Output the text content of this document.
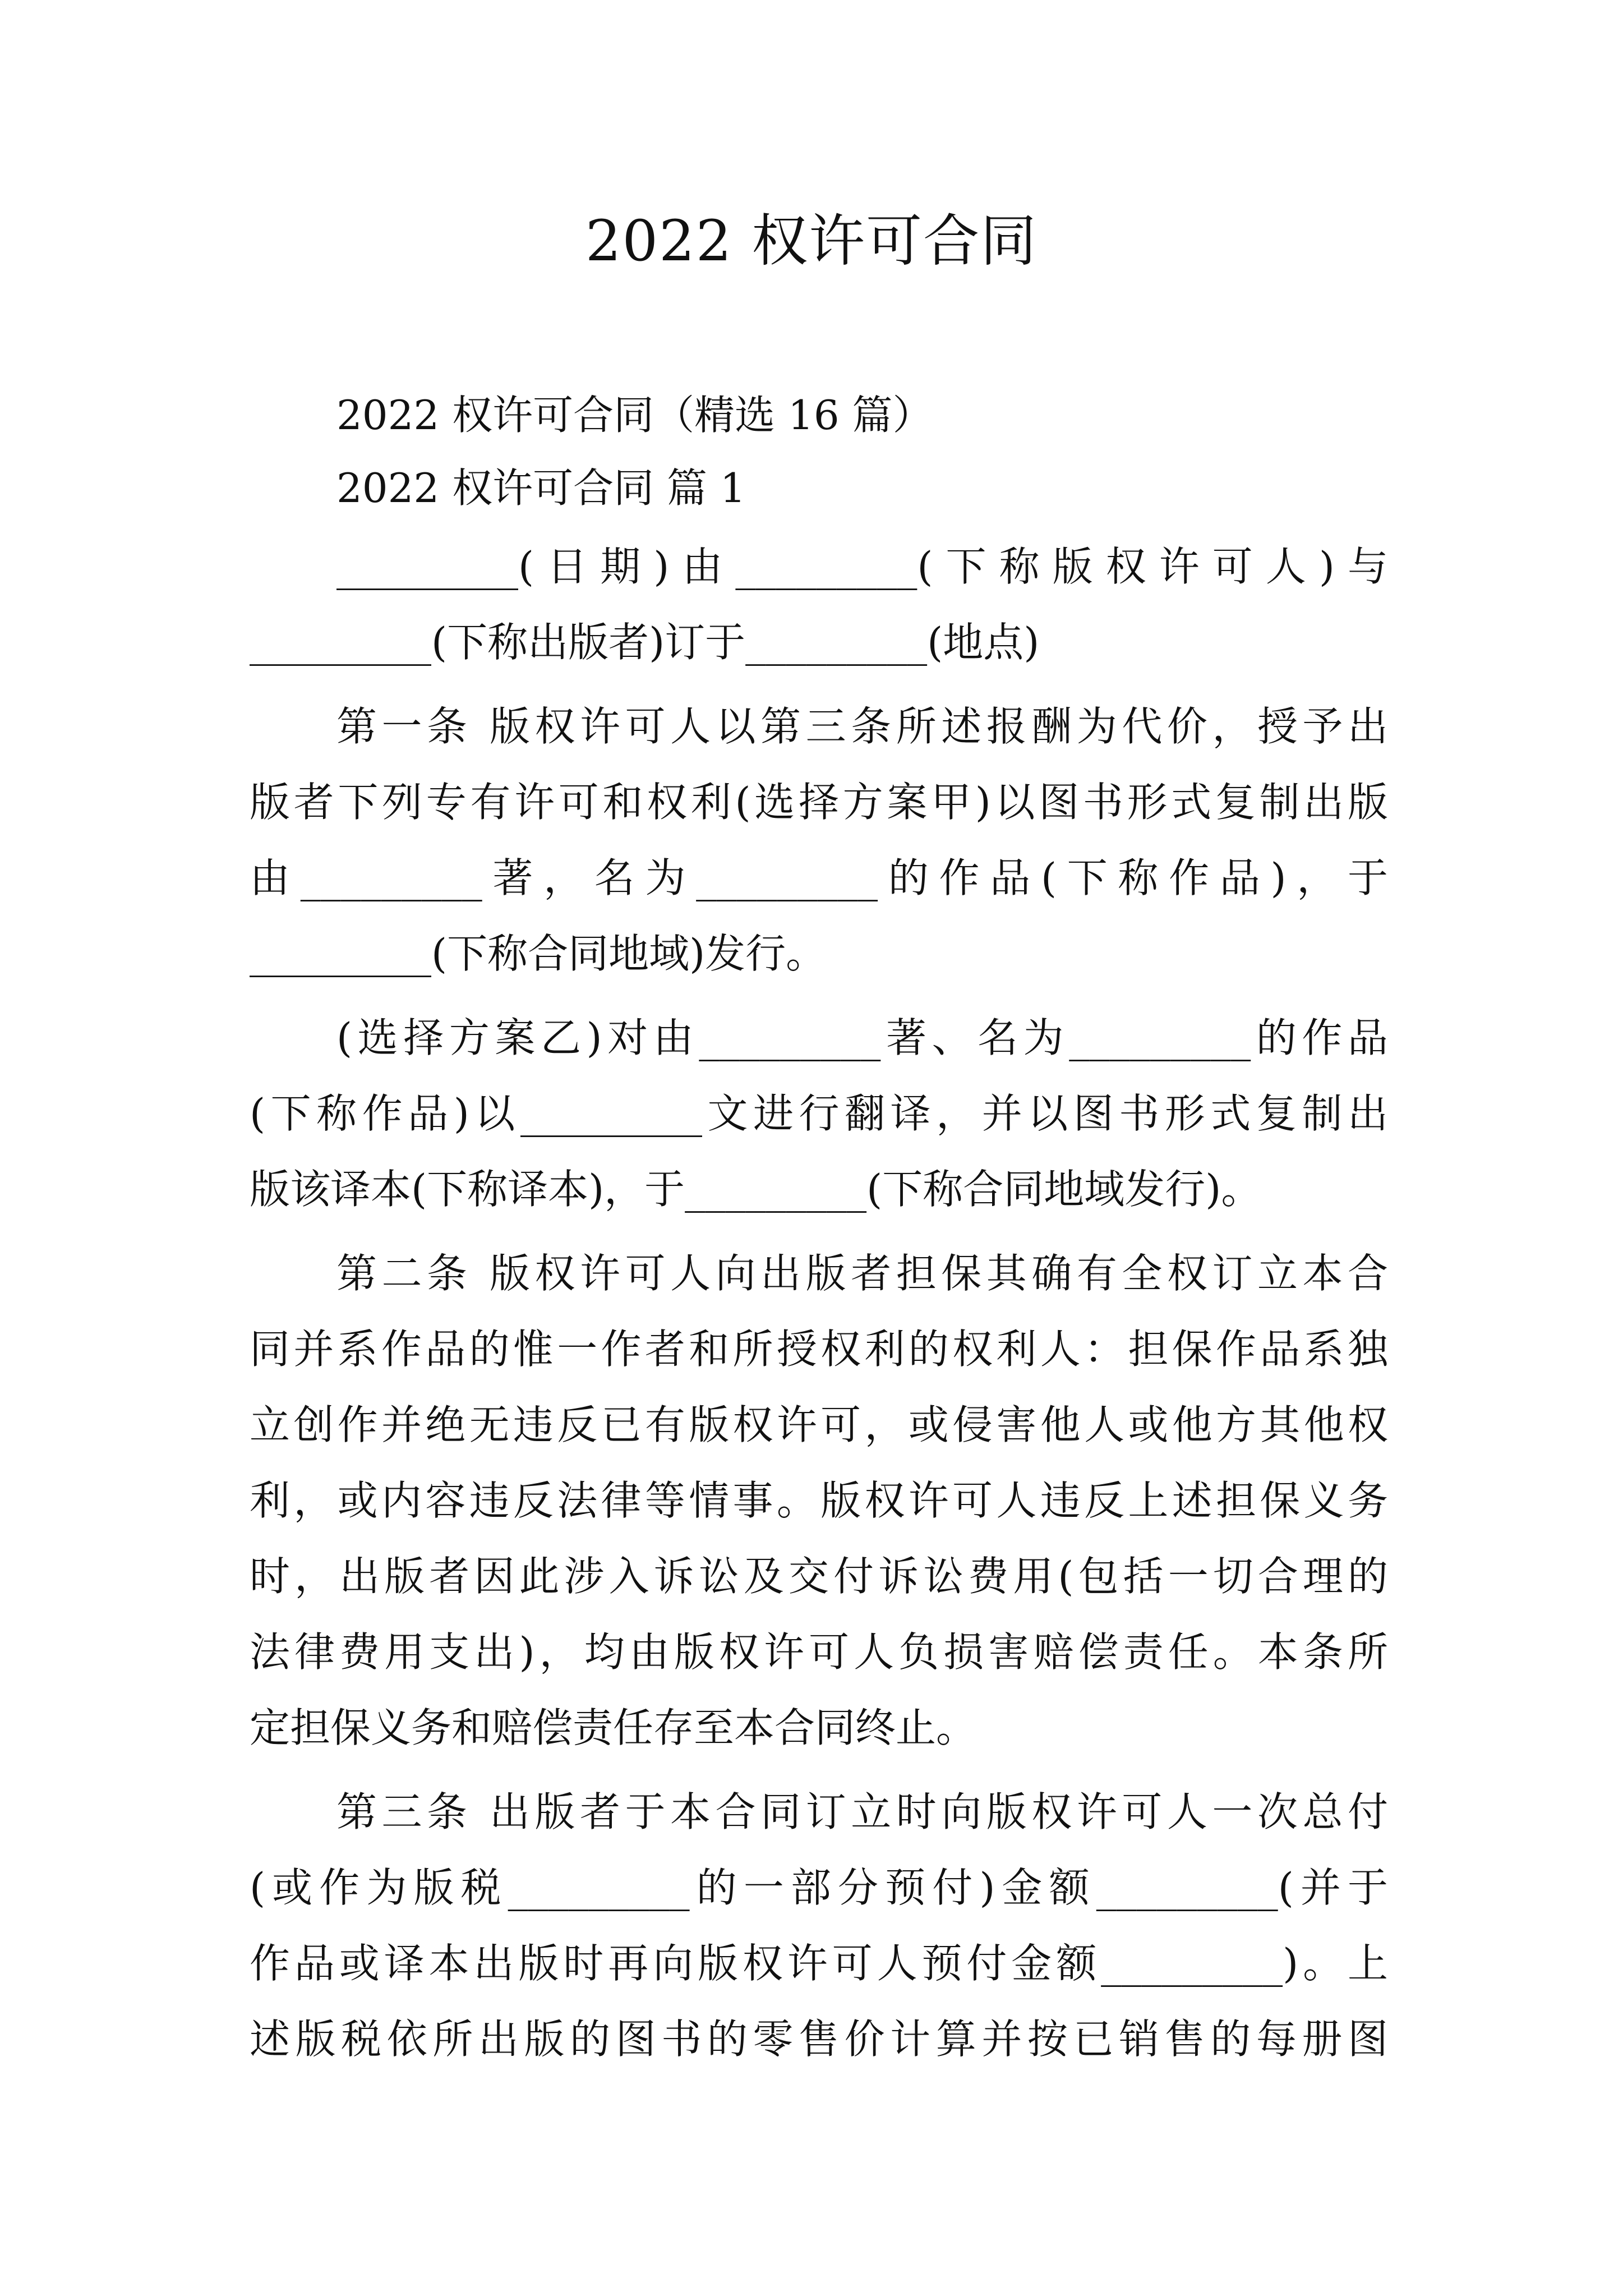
2022 权许可合同
2022 权许可合同（精选 16 篇）
2022 权许可合同 篇 1
_________(日期)由_________(下称版权许可人)与
_________(下称出版者)订于_________(地点)
第一条 版权许可人以第三条所述报酬为代价，授予出
版者下列专有许可和权利(选择方案甲)以图书形式复制出版
由_________著，名为_________的作品(下称作品)，于
_________(下称合同地域)发行。
(选择方案乙)对由_________著、名为_________的作品
(下称作品)以_________文进行翻译，并以图书形式复制出
版该译本(下称译本)，于_________(下称合同地域发行)。
第二条 版权许可人向出版者担保其确有全权订立本合
同并系作品的惟一作者和所授权利的权利人：担保作品系独
立创作并绝无违反已有版权许可，或侵害他人或他方其他权
利，或内容违反法律等情事。版权许可人违反上述担保义务
时，出版者因此涉入诉讼及交付诉讼费用(包括一切合理的
法律费用支出)，均由版权许可人负损害赔偿责任。本条所
定担保义务和赔偿责任存至本合同终止。
第三条 出版者于本合同订立时向版权许可人一次总付
(或作为版税_________的一部分预付)金额_________(并于
作品或译本出版时再向版权许可人预付金额_________)。上
述版税依所出版的图书的零售价计算并按已销售的每册图
